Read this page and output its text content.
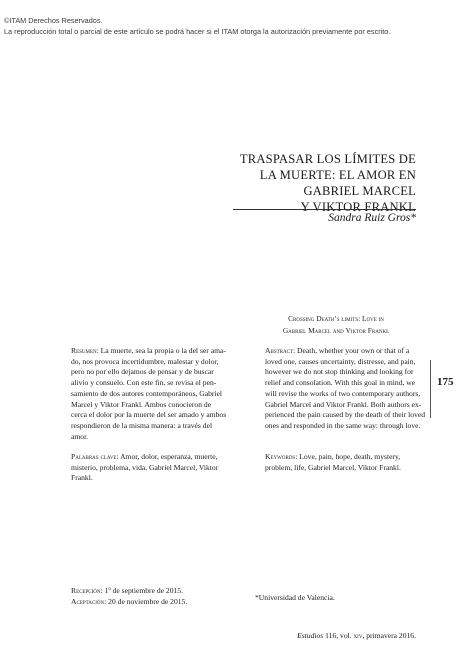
©ITAM Derechos Reservados.
La reproducción total o parcial de este artículo se podrá hacer si el ITAM otorga la autorización previamente por escrito.
TRASPASAR LOS LÍMITES DE
LA MUERTE: EL AMOR EN
GABRIEL MARCEL
Y VIKTOR FRANKL
Sandra Ruiz Gros*
Crossing Death’s limits: Love in
Gabriel Marcel and Viktor Frankl
Resumen: La muerte, sea la propia o la del ser ama-
do, nos provoca incertidumbre, malestar y dolor,
pero no por ello dejamos de pensar y de buscar
alivio y consuelo. Con este fin, se revisa el pen-
samiento de dos autores contemporáneos, Gabriel
Marcel y Viktor Frankl. Ambos conocieron de
cerca el dolor por la muerte del ser amado y ambos
respondieron de la misma manera: a través del
amor.
Abstract: Death, whether your own or that of a
loved one, causes uncertainty, distresse, and pain,
however we do not stop thinking and looking for
relief and consolation. With this goal in mind, we
will revise the works of two contemporary authors,
Gabriel Marcel and Viktor Frankl. Both authors ex-
perienced the pain caused by the death of their loved
ones and responded in the same way: through love.
175
Palabras clave: Amor, dolor, esperanza, muerte,
misterio, problema, vida, Gabriel Marcel, Viktor
Frankl.
Keywords: Love, pain, hope, death, mystery,
problem, life, Gabriel Marcel, Viktor Frankl.
Recepción: 1º de septiembre de 2015.
Aceptación: 20 de noviembre de 2015.	*Universidad de Valencia.
Estudios 116, vol. xiv, primavera 2016.
